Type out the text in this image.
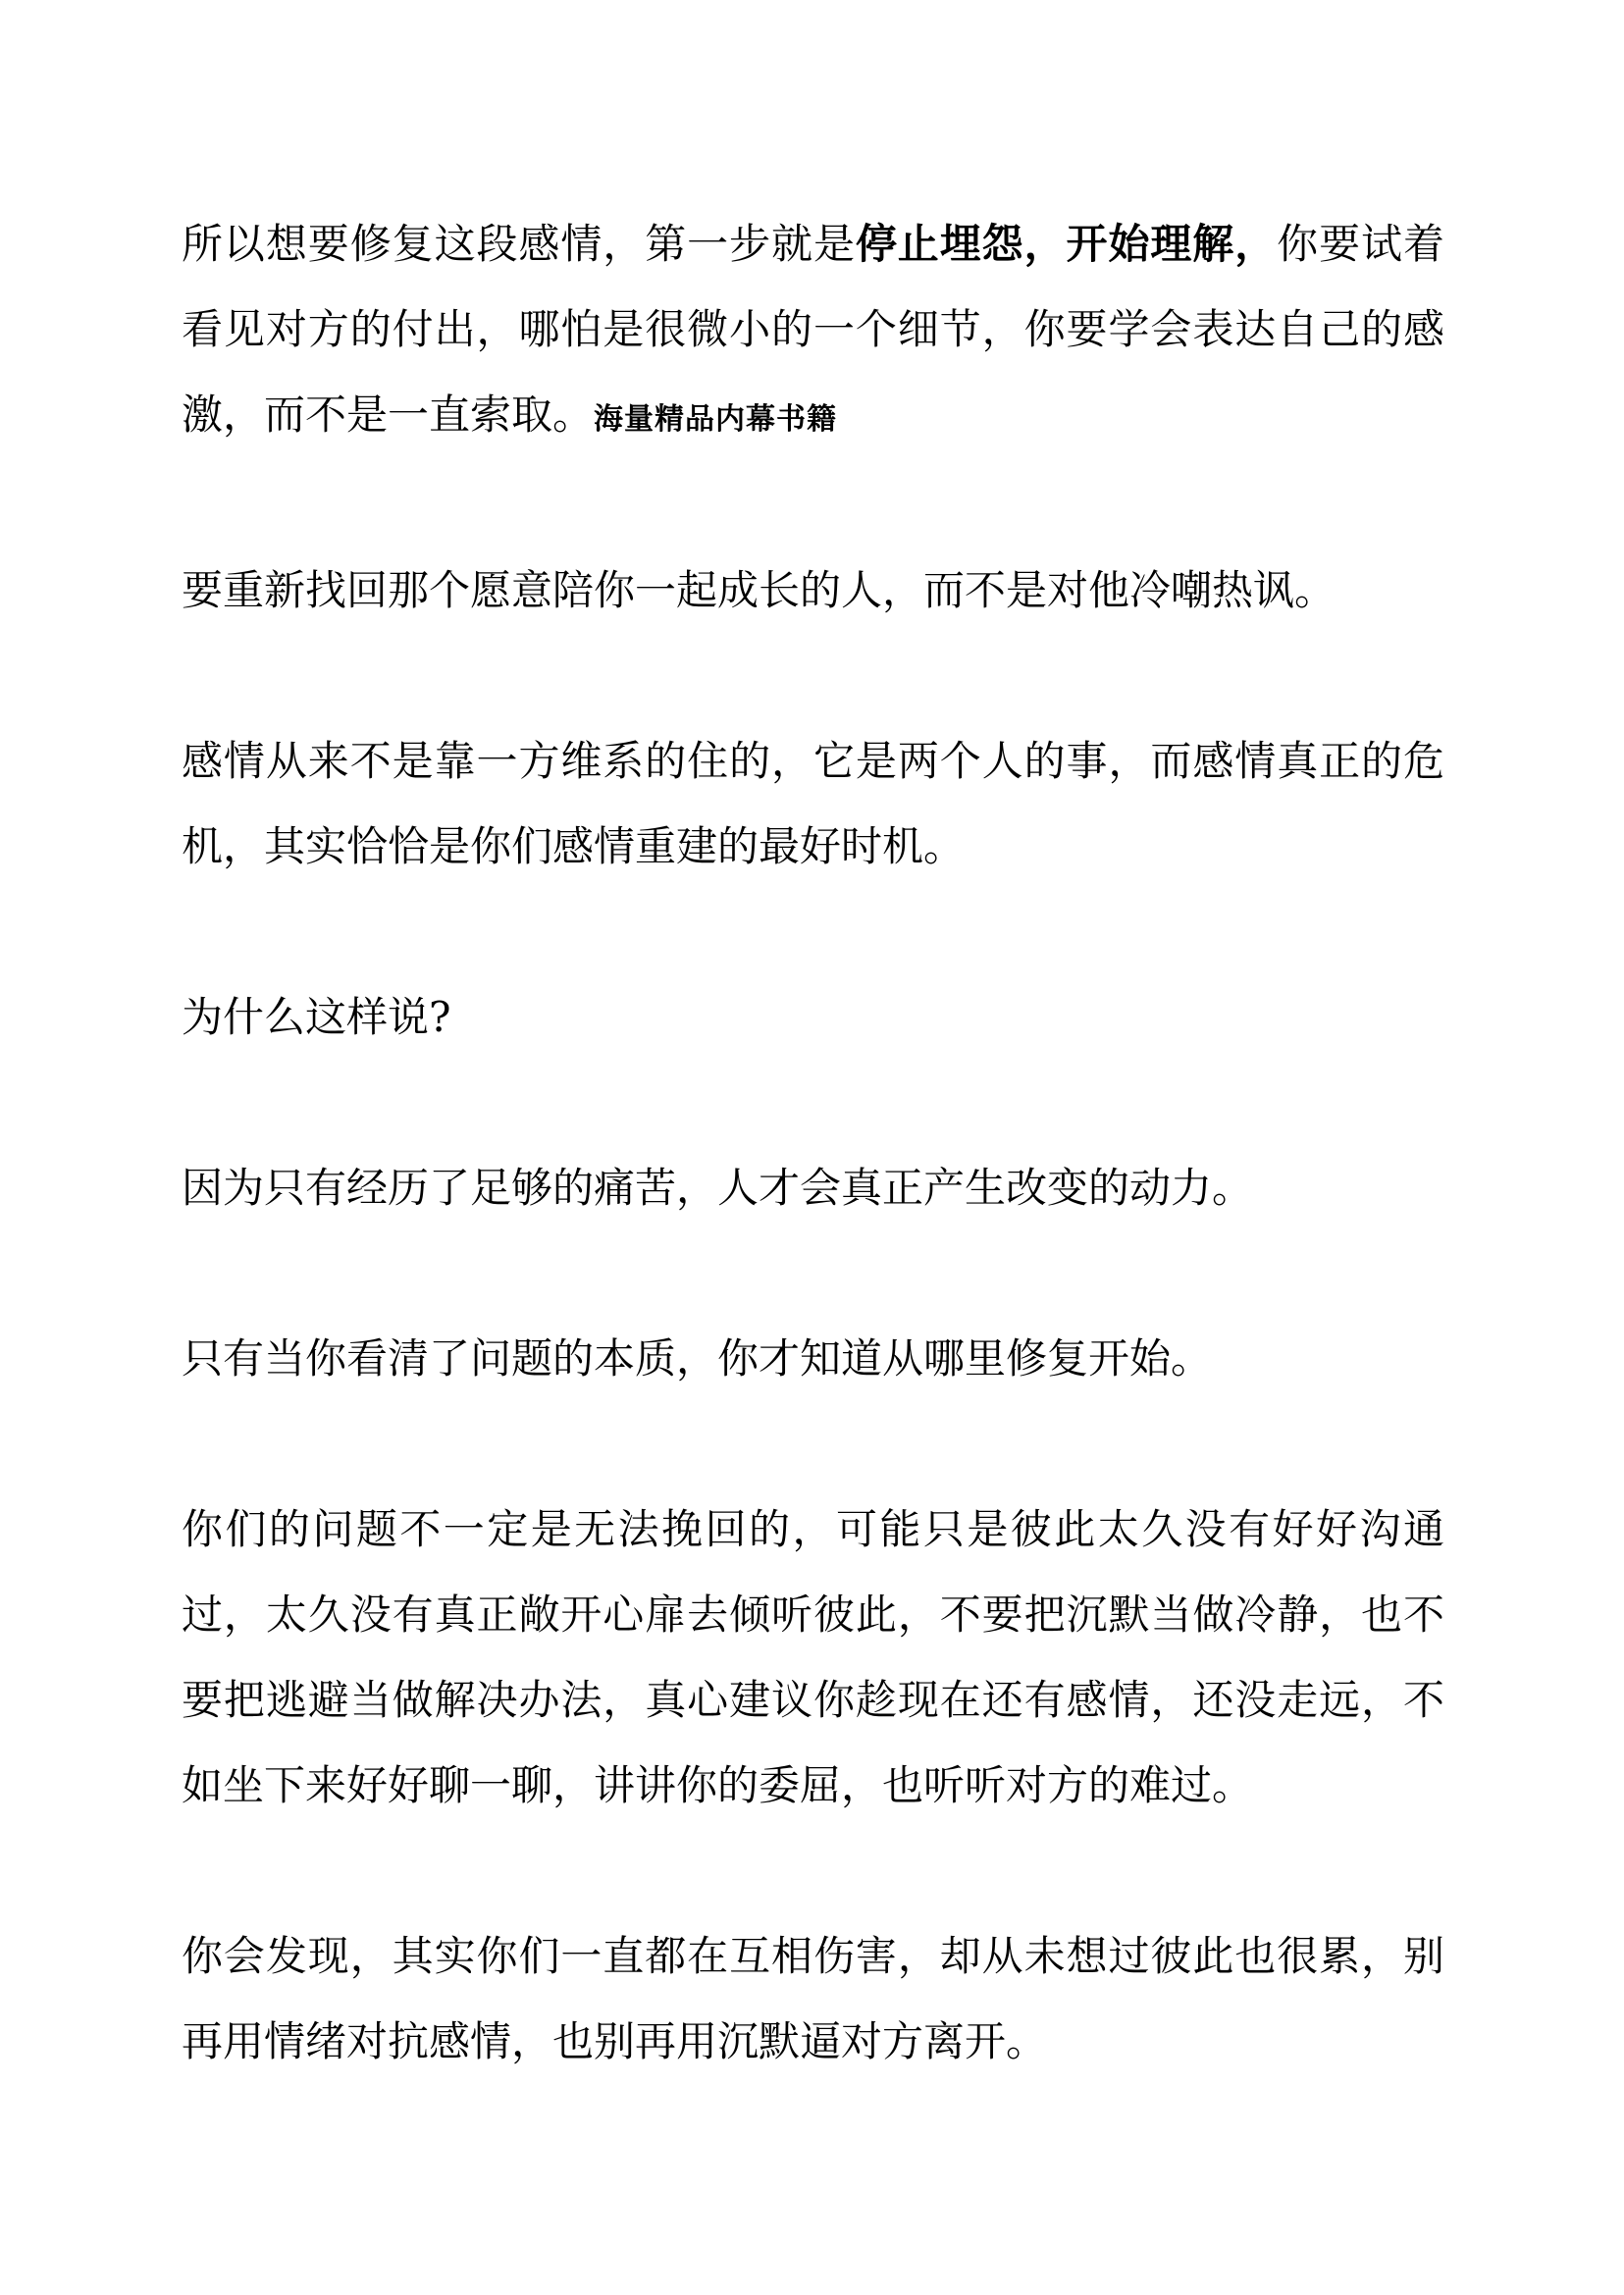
所以想要修复这段感情，第一步就是停止埋怨，开始理解，你要试着看见对方的付出，哪怕是很微小的一个细节，你要学会表达自己的感激，而不是一直索取。海量精品内幕书籍

要重新找回那个愿意陪你一起成长的人，而不是对他冷嘲热讽。

感情从来不是靠一方维系的住的，它是两个人的事，而感情真正的危机，其实恰恰是你们感情重建的最好时机。

为什么这样说?

因为只有经历了足够的痛苦，人才会真正产生改变的动力。

只有当你看清了问题的本质，你才知道从哪里修复开始。

你们的问题不一定是无法挽回的，可能只是彼此太久没有好好沟通过，太久没有真正敞开心扉去倾听彼此，不要把沉默当做冷静，也不要把逃避当做解决办法，真心建议你趁现在还有感情，还没走远，不如坐下来好好聊一聊，讲讲你的委屈，也听听对方的难过。

你会发现，其实你们一直都在互相伤害，却从未想过彼此也很累，别再用情绪对抗感情，也别再用沉默逼对方离开。
